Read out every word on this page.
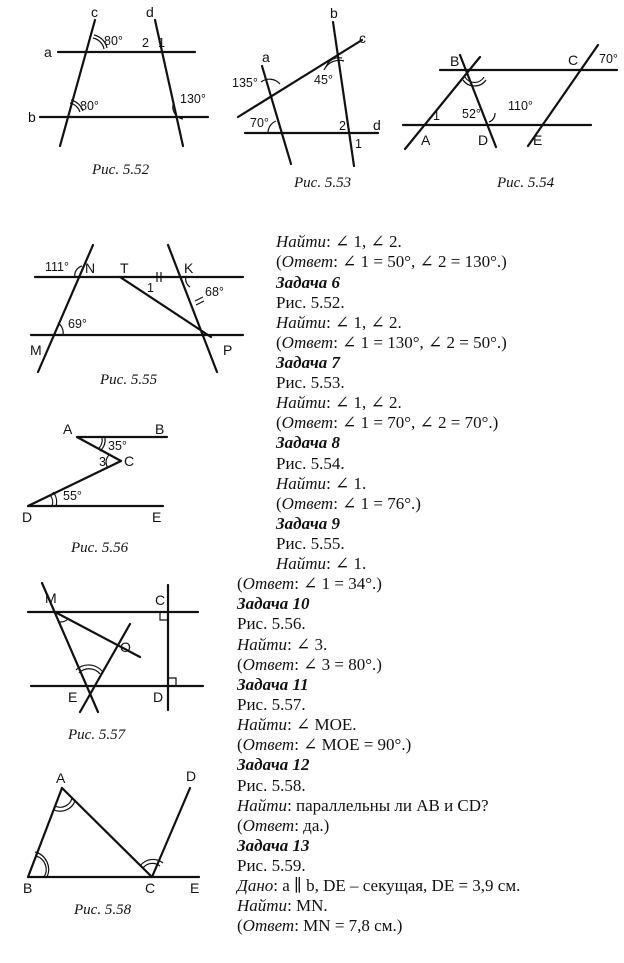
a
b
c	d
2 1
80°
80°	130°
Рис. 5.52
b
c
a
d
135°	45°
70°	2
1
Рис. 5.53
B	C 70°
1 52°
110°
A	D	E
Рис. 5.54
111° N T	K
1	68°
69°
M	P
Рис. 5.55
A	B
35°
3 C
55°
D	E
Рис. 5.56
M	C
O
E	D
Рис. 5.57
A	D
B	C E
Рис. 5.58
Найти: ∠ 1, ∠ 2.
(Ответ: ∠ 1 = 50°, ∠ 2 = 130°.)
Задача 6
Рис. 5.52.
Найти: ∠ 1, ∠ 2.
(Ответ: ∠ 1 = 130°, ∠ 2 = 50°.)
Задача 7
Рис. 5.53.
Найти: ∠ 1, ∠ 2.
(Ответ: ∠ 1 = 70°, ∠ 2 = 70°.)
Задача 8
Рис. 5.54.
Найти: ∠ 1.
(Ответ: ∠ 1 = 76°.)
Задача 9
Рис. 5.55.
Найти: ∠ 1.
(Ответ: ∠ 1 = 34°.)
Задача 10
Рис. 5.56.
Найти: ∠ 3.
(Ответ: ∠ 3 = 80°.)
Задача 11
Рис. 5.57.
Найти: ∠ MOE.
(Ответ: ∠ MOE = 90°.)
Задача 12
Рис. 5.58.
Найти: параллельны ли AB и CD?
(Ответ: да.)
Задача 13
Рис. 5.59.
Дано: a ∥ b, DE – секущая, DE = 3,9 см.
Найти: MN.
(Ответ: MN = 7,8 см.)
